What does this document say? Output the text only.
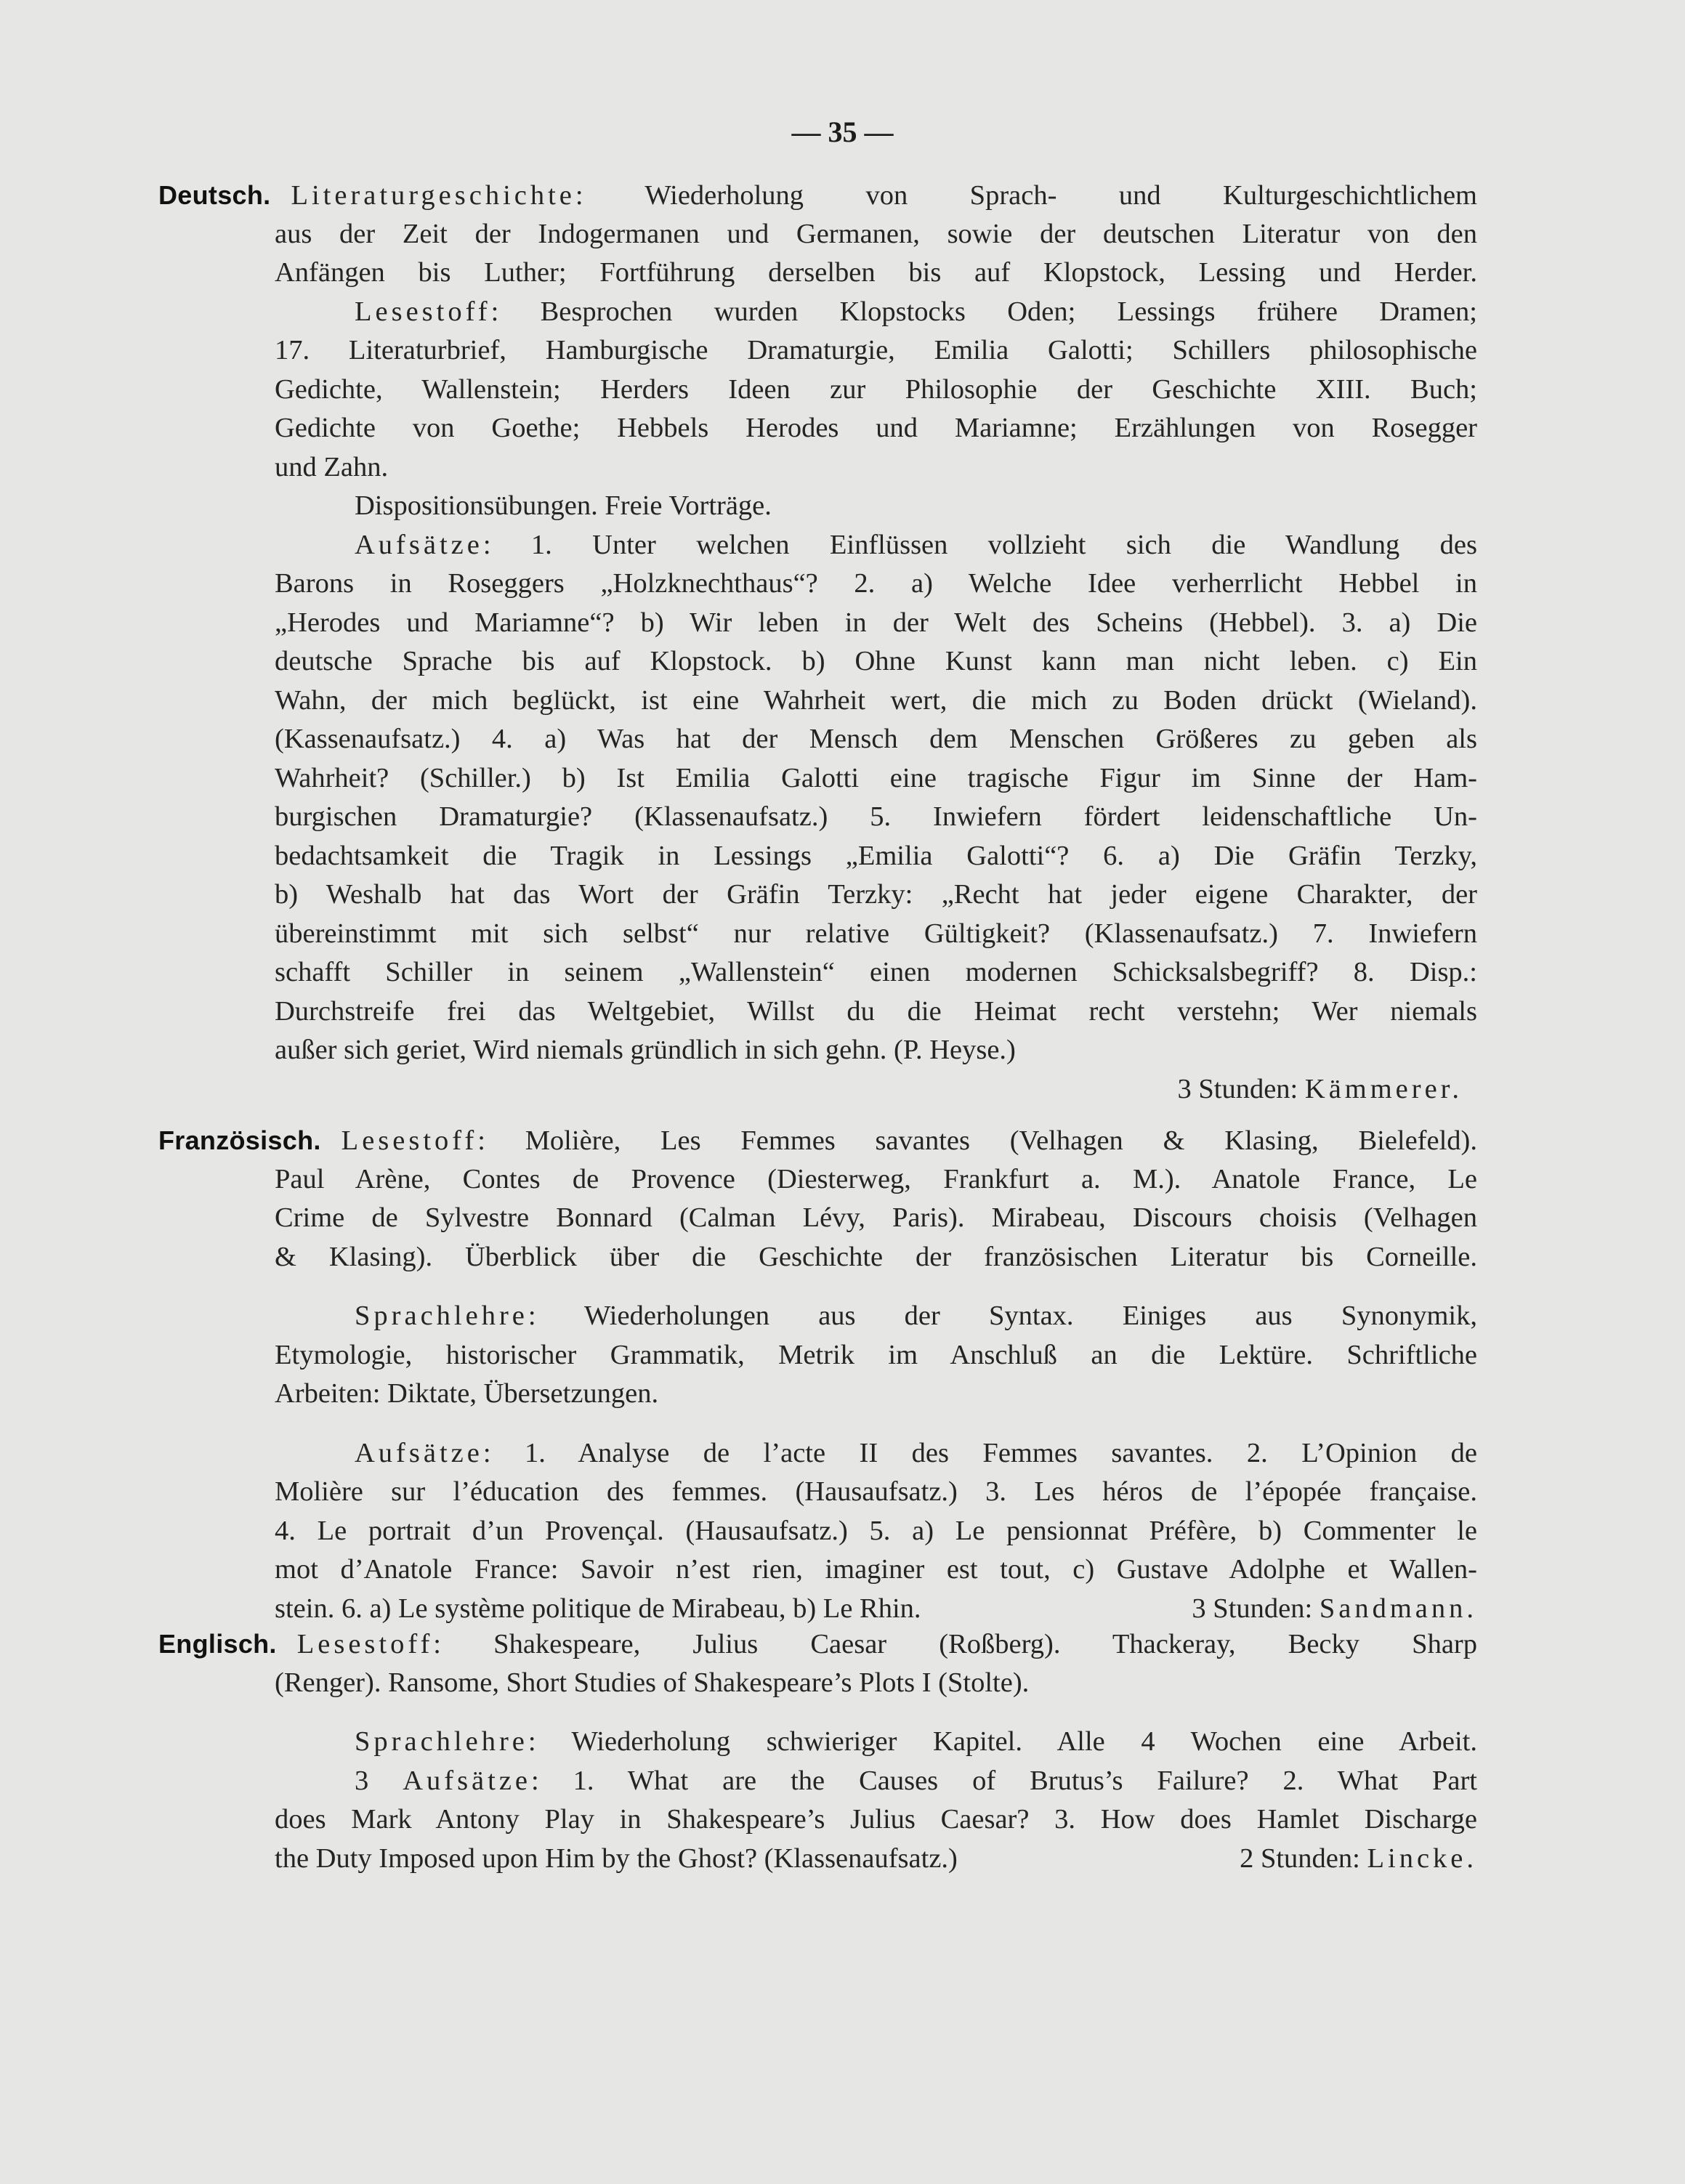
— 35 —
Deutsch. Literaturgeschichte: Wiederholung von Sprach- und Kulturgeschichtlichem
aus der Zeit der Indogermanen und Germanen, sowie der deutschen Literatur von den
Anfängen bis Luther; Fortführung derselben bis auf Klopstock, Lessing und Herder.
Lesestoff: Besprochen wurden Klopstocks Oden; Lessings frühere Dramen;
17. Literaturbrief, Hamburgische Dramaturgie, Emilia Galotti; Schillers philosophische
Gedichte, Wallenstein; Herders Ideen zur Philosophie der Geschichte XIII. Buch;
Gedichte von Goethe; Hebbels Herodes und Mariamne; Erzählungen von Rosegger
und Zahn.
Dispositionsübungen. Freie Vorträge.
Aufsätze: 1. Unter welchen Einflüssen vollzieht sich die Wandlung des
Barons in Roseggers „Holzknechthaus“? 2. a) Welche Idee verherrlicht Hebbel in
„Herodes und Mariamne“? b) Wir leben in der Welt des Scheins (Hebbel). 3. a) Die
deutsche Sprache bis auf Klopstock. b) Ohne Kunst kann man nicht leben. c) Ein
Wahn, der mich beglückt, ist eine Wahrheit wert, die mich zu Boden drückt (Wieland).
(Kassenaufsatz.) 4. a) Was hat der Mensch dem Menschen Größeres zu geben als
Wahrheit? (Schiller.) b) Ist Emilia Galotti eine tragische Figur im Sinne der Ham-
burgischen Dramaturgie? (Klassenaufsatz.) 5. Inwiefern fördert leidenschaftliche Un-
bedachtsamkeit die Tragik in Lessings „Emilia Galotti“? 6. a) Die Gräfin Terzky,
b) Weshalb hat das Wort der Gräfin Terzky: „Recht hat jeder eigene Charakter, der
übereinstimmt mit sich selbst“ nur relative Gültigkeit? (Klassenaufsatz.) 7. Inwiefern
schafft Schiller in seinem „Wallenstein“ einen modernen Schicksalsbegriff? 8. Disp.:
Durchstreife frei das Weltgebiet, Willst du die Heimat recht verstehn; Wer niemals
außer sich geriet, Wird niemals gründlich in sich gehn. (P. Heyse.)
3 Stunden: Kämmerer.
Französisch. Lesestoff: Molière, Les Femmes savantes (Velhagen & Klasing, Bielefeld).
Paul Arène, Contes de Provence (Diesterweg, Frankfurt a. M.). Anatole France, Le
Crime de Sylvestre Bonnard (Calman Lévy, Paris). Mirabeau, Discours choisis (Velhagen
& Klasing). Überblick über die Geschichte der französischen Literatur bis Corneille.
Sprachlehre: Wiederholungen aus der Syntax. Einiges aus Synonymik,
Etymologie, historischer Grammatik, Metrik im Anschluß an die Lektüre. Schriftliche
Arbeiten: Diktate, Übersetzungen.
Aufsätze: 1. Analyse de l’acte II des Femmes savantes. 2. L’Opinion de
Molière sur l’éducation des femmes. (Hausaufsatz.) 3. Les héros de l’épopée française.
4. Le portrait d’un Provençal. (Hausaufsatz.) 5. a) Le pensionnat Préfère, b) Commenter le
mot d’Anatole France: Savoir n’est rien, imaginer est tout, c) Gustave Adolphe et Wallen-
stein. 6. a) Le système politique de Mirabeau, b) Le Rhin.	3 Stunden: Sandmann.
Englisch. Lesestoff: Shakespeare, Julius Caesar (Roßberg). Thackeray, Becky Sharp
(Renger). Ransome, Short Studies of Shakespeare’s Plots I (Stolte).
Sprachlehre: Wiederholung schwieriger Kapitel. Alle 4 Wochen eine Arbeit.
3 Aufsätze: 1. What are the Causes of Brutus’s Failure? 2. What Part
does Mark Antony Play in Shakespeare’s Julius Caesar? 3. How does Hamlet Discharge
the Duty Imposed upon Him by the Ghost? (Klassenaufsatz.)	2 Stunden: Lincke.
